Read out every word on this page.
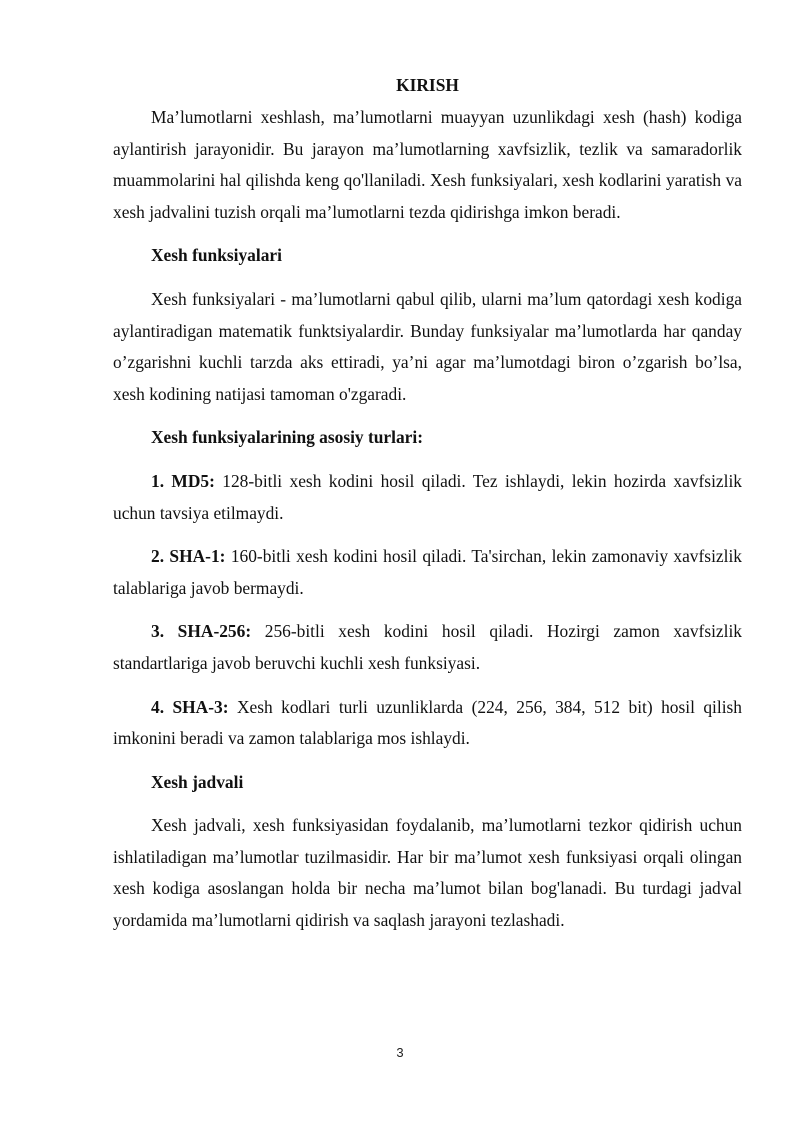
KIRISH

Ma’lumotlarni xeshlash, ma’lumotlarni muayyan uzunlikdagi xesh (hash) kodiga aylantirish jarayonidir. Bu jarayon ma’lumotlarning xavfsizlik, tezlik va samaradorlik muammolarini hal qilishda keng qo'llaniladi. Xesh funksiyalari, xesh kodlarini yaratish va xesh jadvalini tuzish orqali ma’lumotlarni tezda qidirishga imkon beradi.

Xesh funksiyalari

Xesh funksiyalari - ma’lumotlarni qabul qilib, ularni ma’lum qatordagi xesh kodiga aylantiradigan matematik funktsiyalardir. Bunday funksiyalar ma’lumotlarda har qanday o’zgarishni kuchli tarzda aks ettiradi, ya’ni agar ma’lumotdagi biron o’zgarish bo’lsa, xesh kodining natijasi tamoman o'zgaradi.

Xesh funksiyalarining asosiy turlari:

1. MD5: 128-bitli xesh kodini hosil qiladi. Tez ishlaydi, lekin hozirda xavfsizlik uchun tavsiya etilmaydi.

2. SHA-1: 160-bitli xesh kodini hosil qiladi. Ta'sirchan, lekin zamonaviy xavfsizlik talablariga javob bermaydi.

3. SHA-256: 256-bitli xesh kodini hosil qiladi. Hozirgi zamon xavfsizlik standartlariga javob beruvchi kuchli xesh funksiyasi.

4. SHA-3: Xesh kodlari turli uzunliklarda (224, 256, 384, 512 bit) hosil qilish imkonini beradi va zamon talablariga mos ishlaydi.

Xesh jadvali

Xesh jadvali, xesh funksiyasidan foydalanib, ma’lumotlarni tezkor qidirish uchun ishlatiladigan ma’lumotlar tuzilmasidir. Har bir ma’lumot xesh funksiyasi orqali olingan xesh kodiga asoslangan holda bir necha ma’lumot bilan bog'lanadi. Bu turdagi jadval yordamida ma’lumotlarni qidirish va saqlash jarayoni tezlashadi.

3
